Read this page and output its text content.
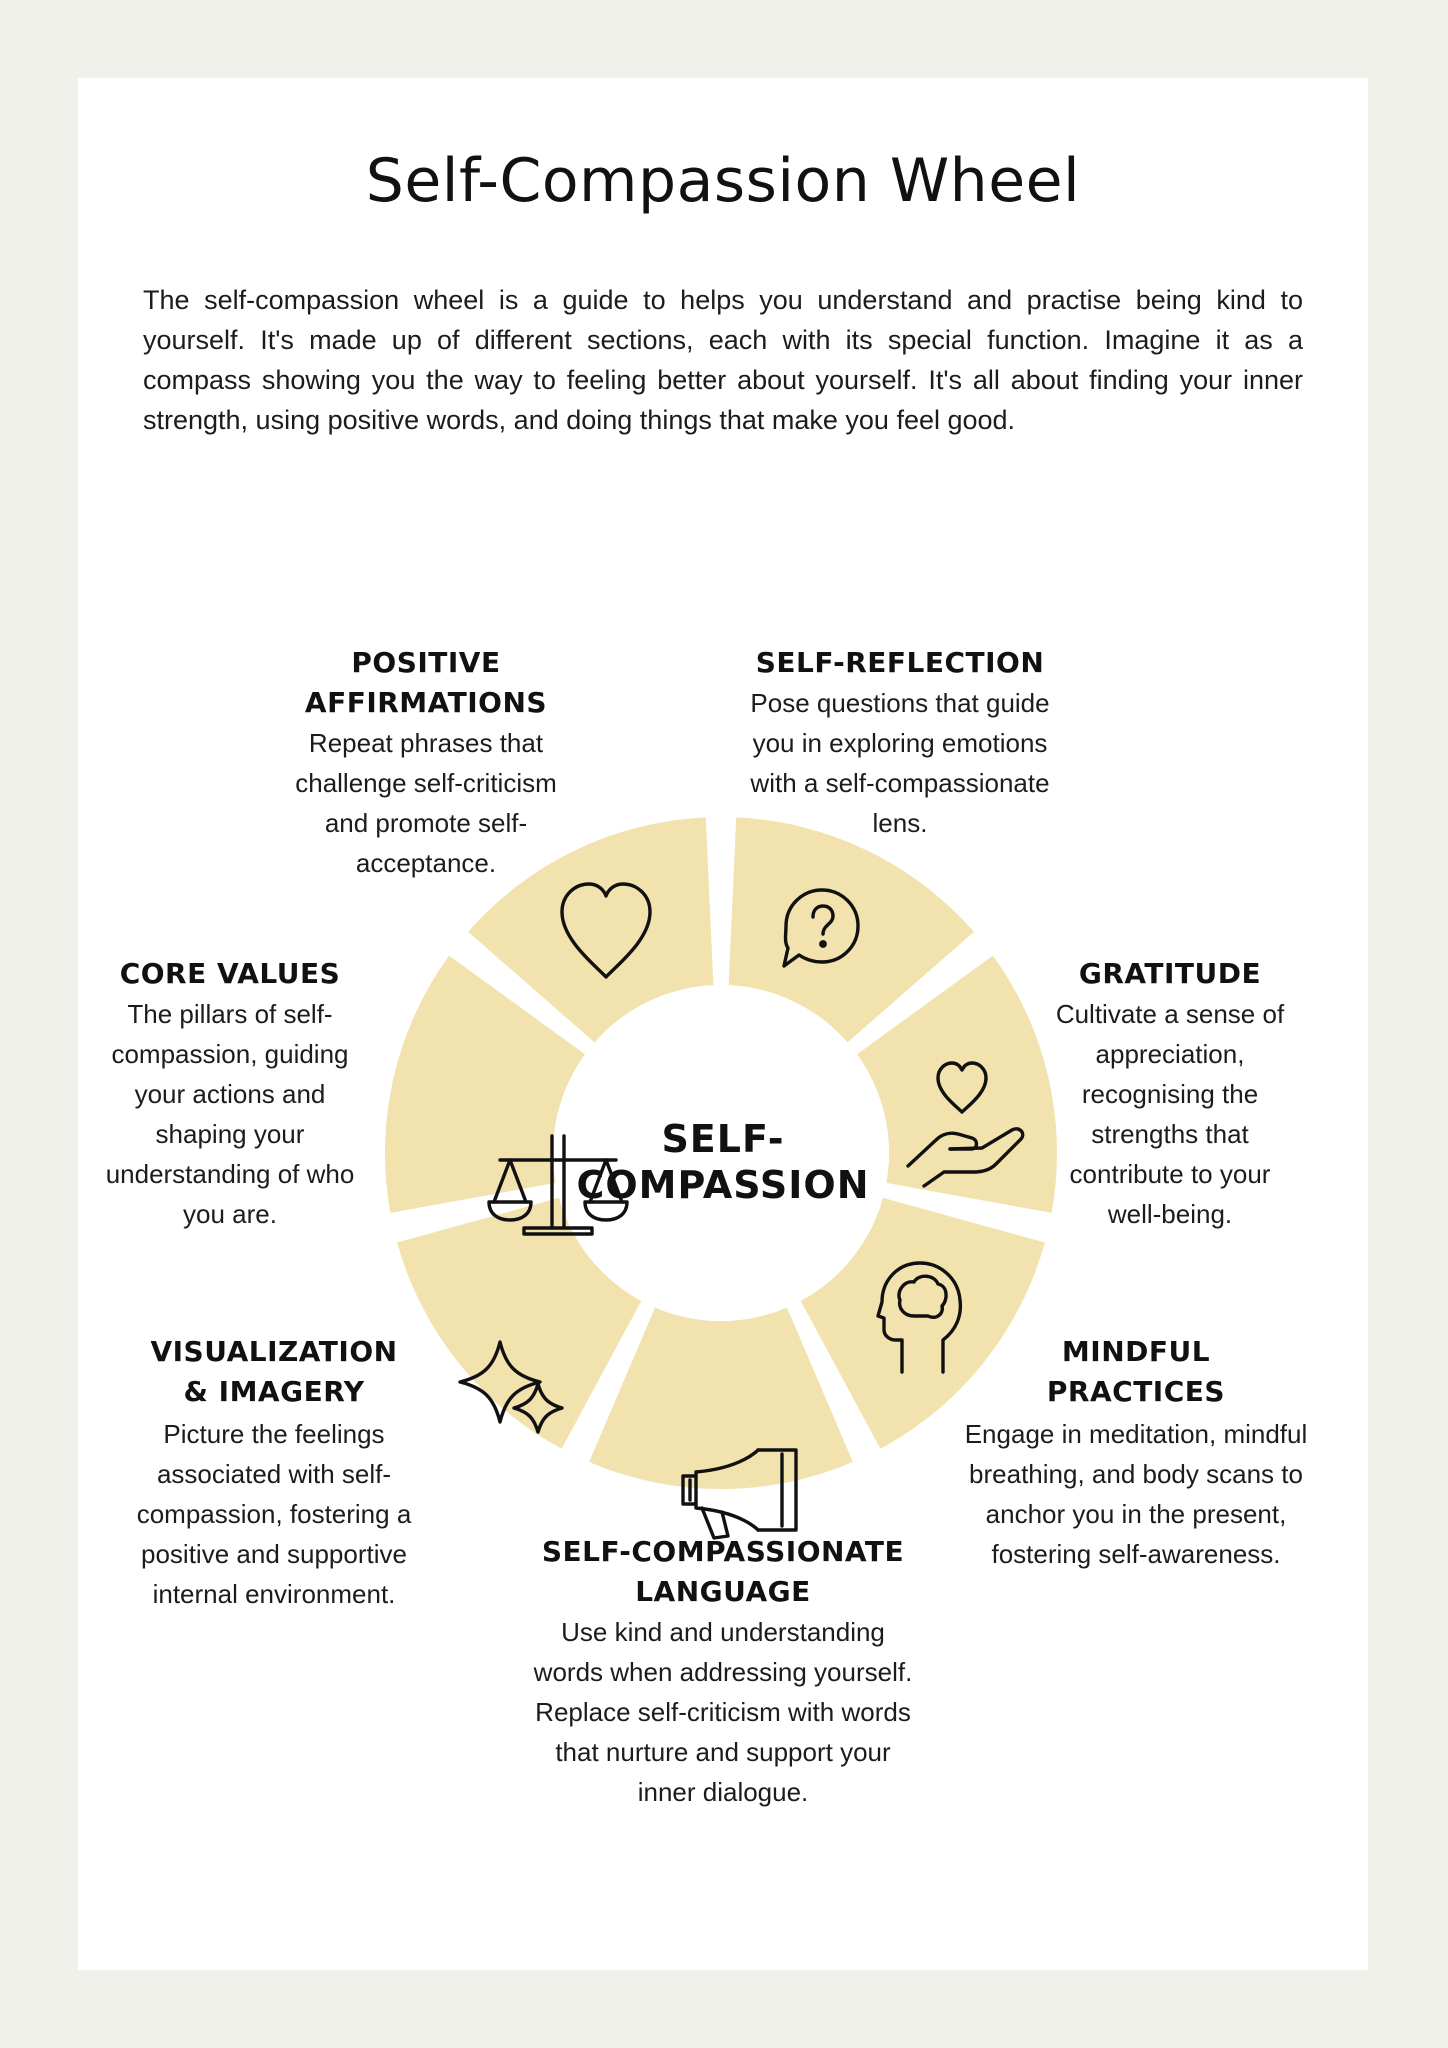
Self-Compassion Wheel
The self-compassion wheel is a guide to helps you understand and practise being kind to yourself. It's made up of different sections, each with its special function. Imagine it as a compass showing you the way to feeling better about yourself. It's all about finding your inner strength, using positive words, and doing things that make you feel good.
SELF-
COMPASSION
POSITIVE AFFIRMATIONS

Repeat phrases that challenge self-criticism and promote self-acceptance.

SELF-REFLECTION

Pose questions that guide you in exploring emotions with a self-compassionate lens.

GRATITUDE

Cultivate a sense of appreciation, recognising the strengths that contribute to your well-being.

CORE VALUES

The pillars of self-compassion, guiding your actions and shaping your understanding of who you are.

VISUALIZATION
& IMAGERY

Picture the feelings associated with self-compassion, fostering a positive and supportive internal environment.

MINDFUL
PRACTICES

Engage in meditation, mindful breathing, and body scans to anchor you in the present, fostering self-awareness.

SELF-COMPASSIONATE
LANGUAGE

Use kind and understanding words when addressing yourself. Replace self-criticism with words that nurture and support your inner dialogue.
